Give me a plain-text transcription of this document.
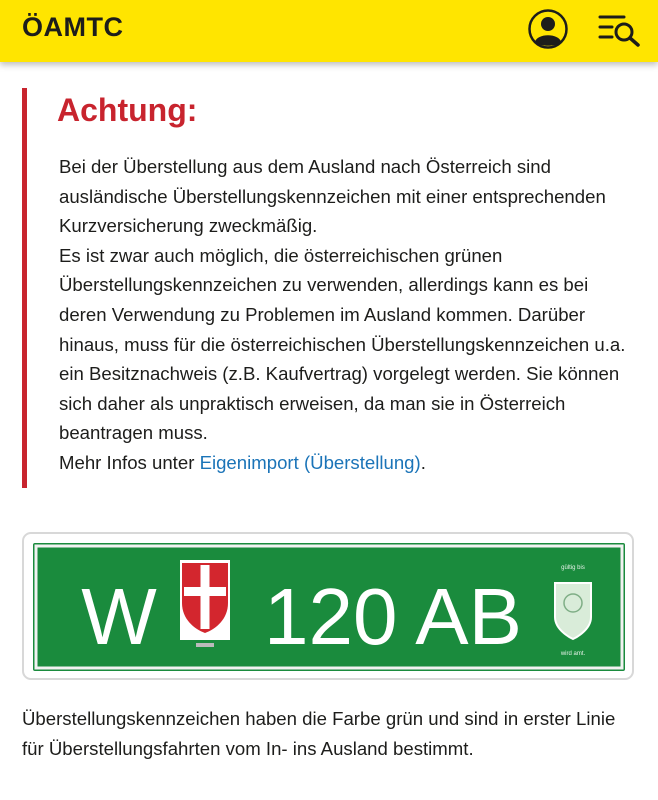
ÖAMTC
Achtung:

Bei der Überstellung aus dem Ausland nach Österreich sind ausländische Überstellungskennzeichen mit einer entsprechenden Kurzversicherung zweckmäßig.

Es ist zwar auch möglich, die österreichischen grünen Überstellungskennzeichen zu verwenden, allerdings kann es bei deren Verwendung zu Problemen im Ausland kommen. Darüber hinaus, muss für die österreichischen Überstellungskennzeichen u.a. ein Besitznachweis (z.B. Kaufvertrag) vorgelegt werden. Sie können sich daher als unpraktisch erweisen, da man sie in Österreich beantragen muss.

Mehr Infos unter Eigenimport (Überstellung).

W 120 AB
gültig bis
wird amt.

Überstellungskennzeichen haben die Farbe grün und sind in erster Linie für Überstellungsfahrten vom In- ins Ausland bestimmt.
